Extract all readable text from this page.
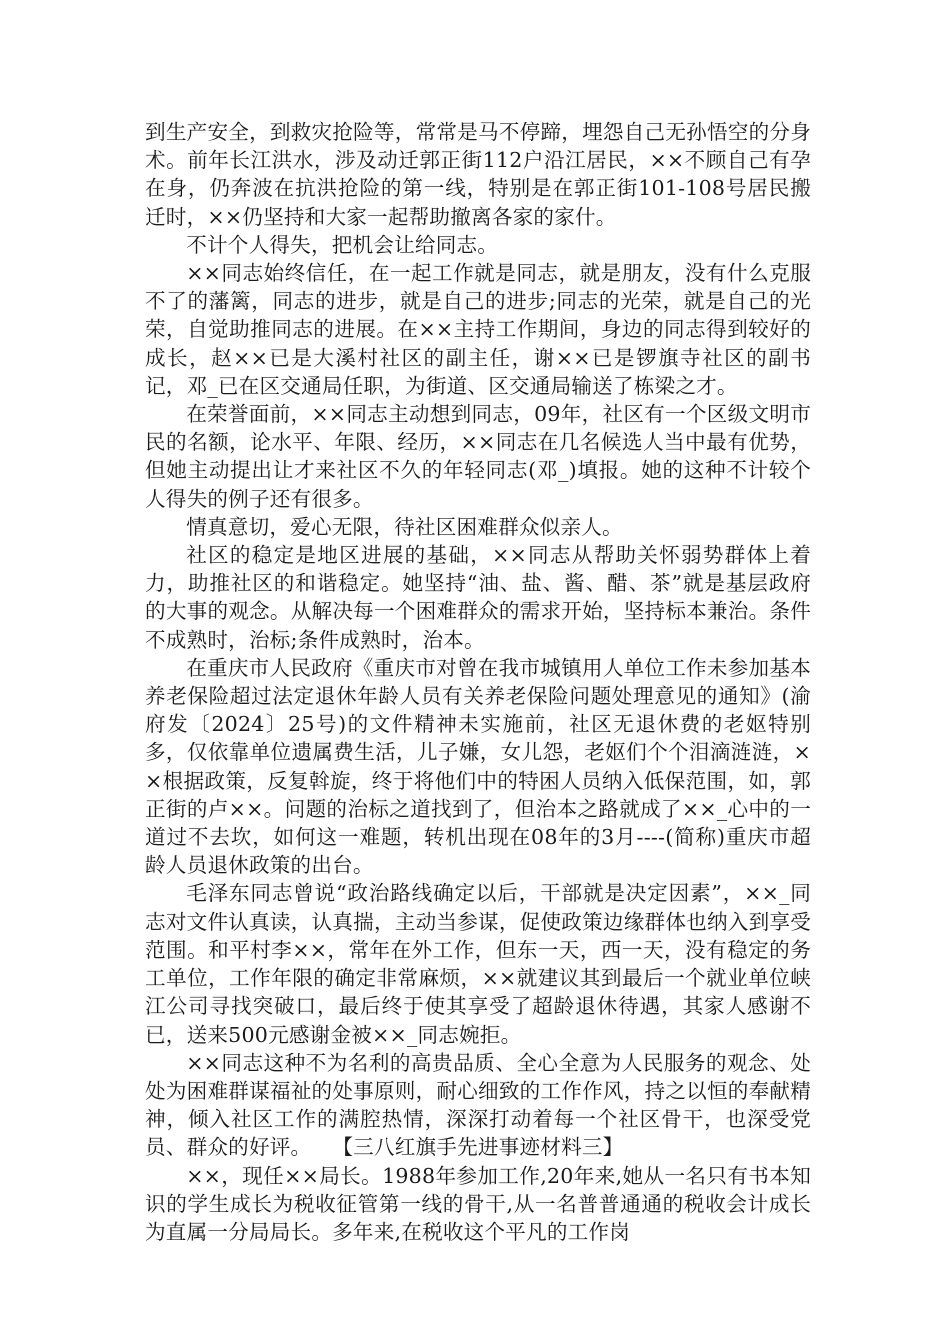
到生产安全，到救灾抢险等，常常是马不停蹄，埋怨自己无孙悟空的分身术。前年长江洪水，涉及动迁郭正街112户沿江居民，××不顾自己有孕在身，仍奔波在抗洪抢险的第一线，特别是在郭正街101-108号居民搬迁时，××仍坚持和大家一起帮助撤离各家的家什。

不计个人得失，把机会让给同志。

××同志始终信任，在一起工作就是同志，就是朋友，没有什么克服不了的藩篱，同志的进步，就是自己的进步;同志的光荣，就是自己的光荣，自觉助推同志的进展。在××主持工作期间，身边的同志得到较好的成长，赵××已是大溪村社区的副主任，谢××已是锣旗寺社区的副书记，邓_已在区交通局任职，为街道、区交通局输送了栋梁之才。

在荣誉面前，××同志主动想到同志，09年，社区有一个区级文明市民的名额，论水平、年限、经历，××同志在几名候选人当中最有优势，但她主动提出让才来社区不久的年轻同志(邓_)填报。她的这种不计较个人得失的例子还有很多。

情真意切，爱心无限，待社区困难群众似亲人。

社区的稳定是地区进展的基础，××同志从帮助关怀弱势群体上着力，助推社区的和谐稳定。她坚持“油、盐、酱、醋、茶”就是基层政府的大事的观念。从解决每一个困难群众的需求开始，坚持标本兼治。条件不成熟时，治标;条件成熟时，治本。

在重庆市人民政府《重庆市对曾在我市城镇用人单位工作未参加基本养老保险超过法定退休年龄人员有关养老保险问题处理意见的通知》(渝府发〔2024〕25号)的文件精神未实施前，社区无退休费的老妪特别多，仅依靠单位遗属费生活，儿子嫌，女儿怨，老妪们个个泪滴涟涟，××根据政策，反复斡旋，终于将他们中的特困人员纳入低保范围，如，郭正街的卢××。问题的治标之道找到了，但治本之路就成了××_心中的一道过不去坎，如何这一难题，转机出现在08年的3月----(简称)重庆市超龄人员退休政策的出台。

毛泽东同志曾说“政治路线确定以后，干部就是决定因素”，××_同志对文件认真读，认真揣，主动当参谋，促使政策边缘群体也纳入到享受范围。和平村李××，常年在外工作，但东一天，西一天，没有稳定的务工单位，工作年限的确定非常麻烦，××就建议其到最后一个就业单位峡江公司寻找突破口，最后终于使其享受了超龄退休待遇，其家人感谢不已，送来500元感谢金被××_同志婉拒。

××同志这种不为名利的高贵品质、全心全意为人民服务的观念、处处为困难群谋福祉的处事原则，耐心细致的工作作风，持之以恒的奉献精神，倾入社区工作的满腔热情，深深打动着每一个社区骨干，也深受党员、群众的好评。　　【三八红旗手先进事迹材料三】

××，现任××局长。1988年参加工作,20年来,她从一名只有书本知识的学生成长为税收征管第一线的骨干,从一名普普通通的税收会计成长为直属一分局局长。多年来,在税收这个平凡的工作岗
